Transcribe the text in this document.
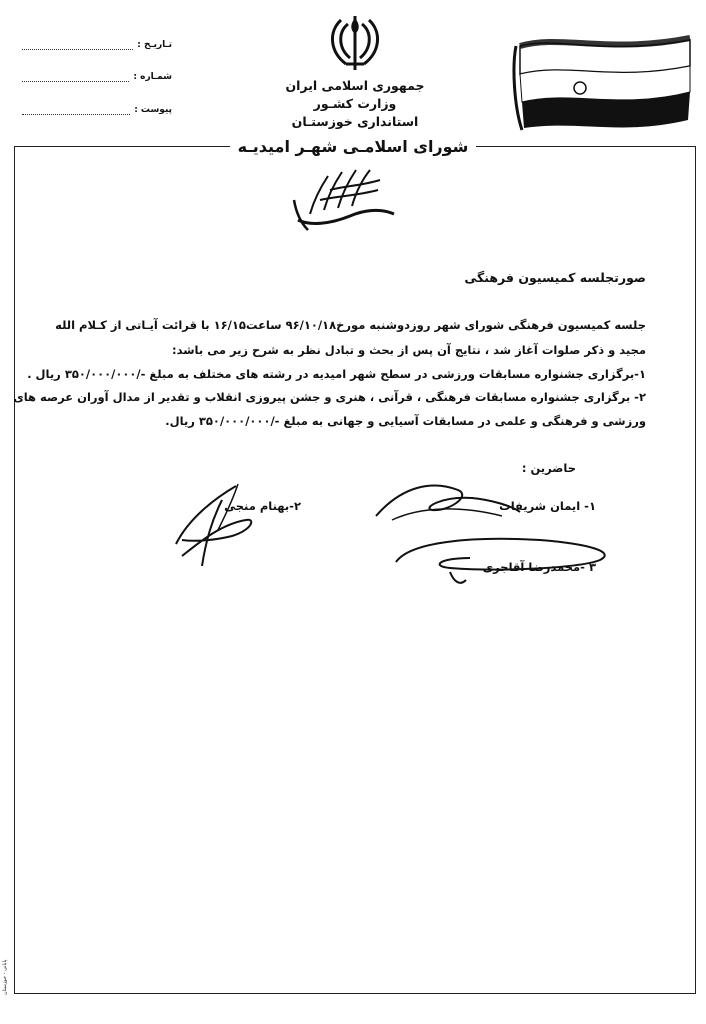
تـاريـخ :
شمـاره :
پيوست :
جمهوری اسلامی ايران
وزارت کشـور
استانداری خوزستـان
شورای اسلامـی شهـر اميديـه
صورتجلسه کميسيون فرهنگی
جلسه کميسيون فرهنگی شورای شهر روزدوشنبه مورخ۹۶/۱۰/۱۸ ساعت۱۶/۱۵ با قرائت آيـاتی از کـلام الله
مجيد و ذکر صلوات آغاز شد ، نتايج آن پس از بحث و تبادل نظر به شرح زير می باشد:
۱-برگزاری جشنواره مسابقات ورزشی در سطح شهر اميديه در رشته های مختلف به مبلغ -/۳۵۰/۰۰۰/۰۰۰ ريال .
۲- برگزاری جشنواره مسابقات فرهنگی ، قرآنی ، هنری و جشن پيروزی انقلاب و تقدير از مدال آوران عرصه های
ورزشی و فرهنگی و علمی در مسابقات آسيايی و جهانی به مبلغ -/۳۵۰/۰۰۰/۰۰۰ ريال.
حاضرين :
۱- ايمان شريفات
۲-بهنام منجی
۳ -محمدرضا آقاجری
پايانی - خوزستان
